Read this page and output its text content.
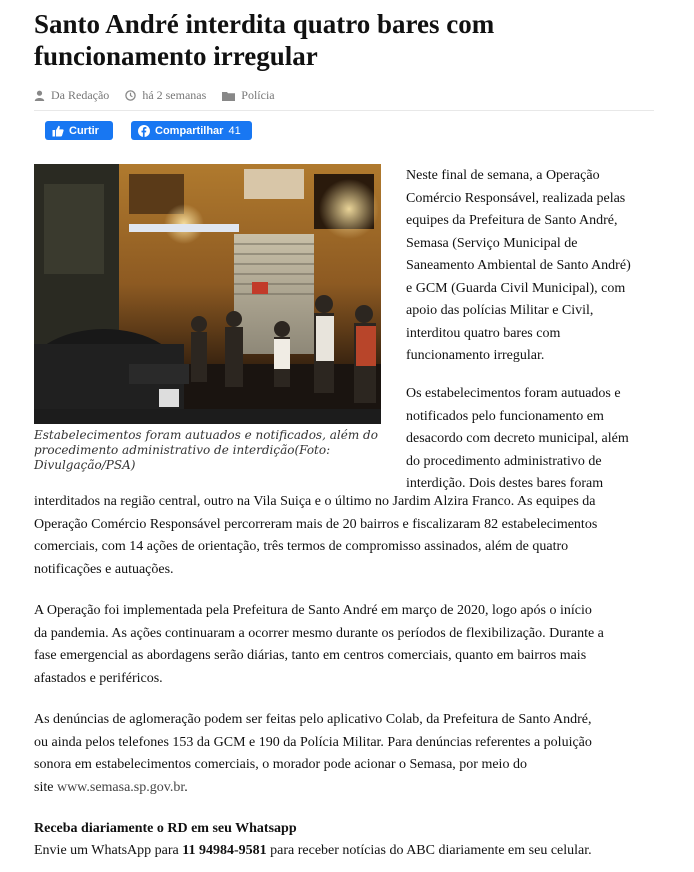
Santo André interdita quatro bares com funcionamento irregular
Da Redação	há 2 semanas	Polícia
Curtir	Compartilhar 41
Estabelecimentos foram autuados e notificados, além do procedimento administrativo de interdição(Foto: Divulgação/PSA)
Neste final de semana, a Operação
Comércio Responsável, realizada pelas
equipes da Prefeitura de Santo André,
Semasa (Serviço Municipal de
Saneamento Ambiental de Santo André)
e GCM (Guarda Civil Municipal), com
apoio das polícias Militar e Civil,
interditou quatro bares com
funcionamento irregular.
Os estabelecimentos foram autuados e
notificados pelo funcionamento em
desacordo com decreto municipal, além
do procedimento administrativo de
interdição. Dois destes bares foram
interditados na região central, outro na Vila Suiça e o último no Jardim Alzira Franco. As equipes da
Operação Comércio Responsável percorreram mais de 20 bairros e fiscalizaram 82 estabelecimentos
comerciais, com 14 ações de orientação, três termos de compromisso assinados, além de quatro
notificações e autuações.
A Operação foi implementada pela Prefeitura de Santo André em março de 2020, logo após o início
da pandemia. As ações continuaram a ocorrer mesmo durante os períodos de flexibilização. Durante a
fase emergencial as abordagens serão diárias, tanto em centros comerciais, quanto em bairros mais
afastados e periféricos.
As denúncias de aglomeração podem ser feitas pelo aplicativo Colab, da Prefeitura de Santo André,
ou ainda pelos telefones 153 da GCM e 190 da Polícia Militar. Para denúncias referentes a poluição
sonora em estabelecimentos comerciais, o morador pode acionar o Semasa, por meio do
site www.semasa.sp.gov.br.
Receba diariamente o RD em seu Whatsapp
Envie um WhatsApp para 11 94984-9581 para receber notícias do ABC diariamente em seu celular.
